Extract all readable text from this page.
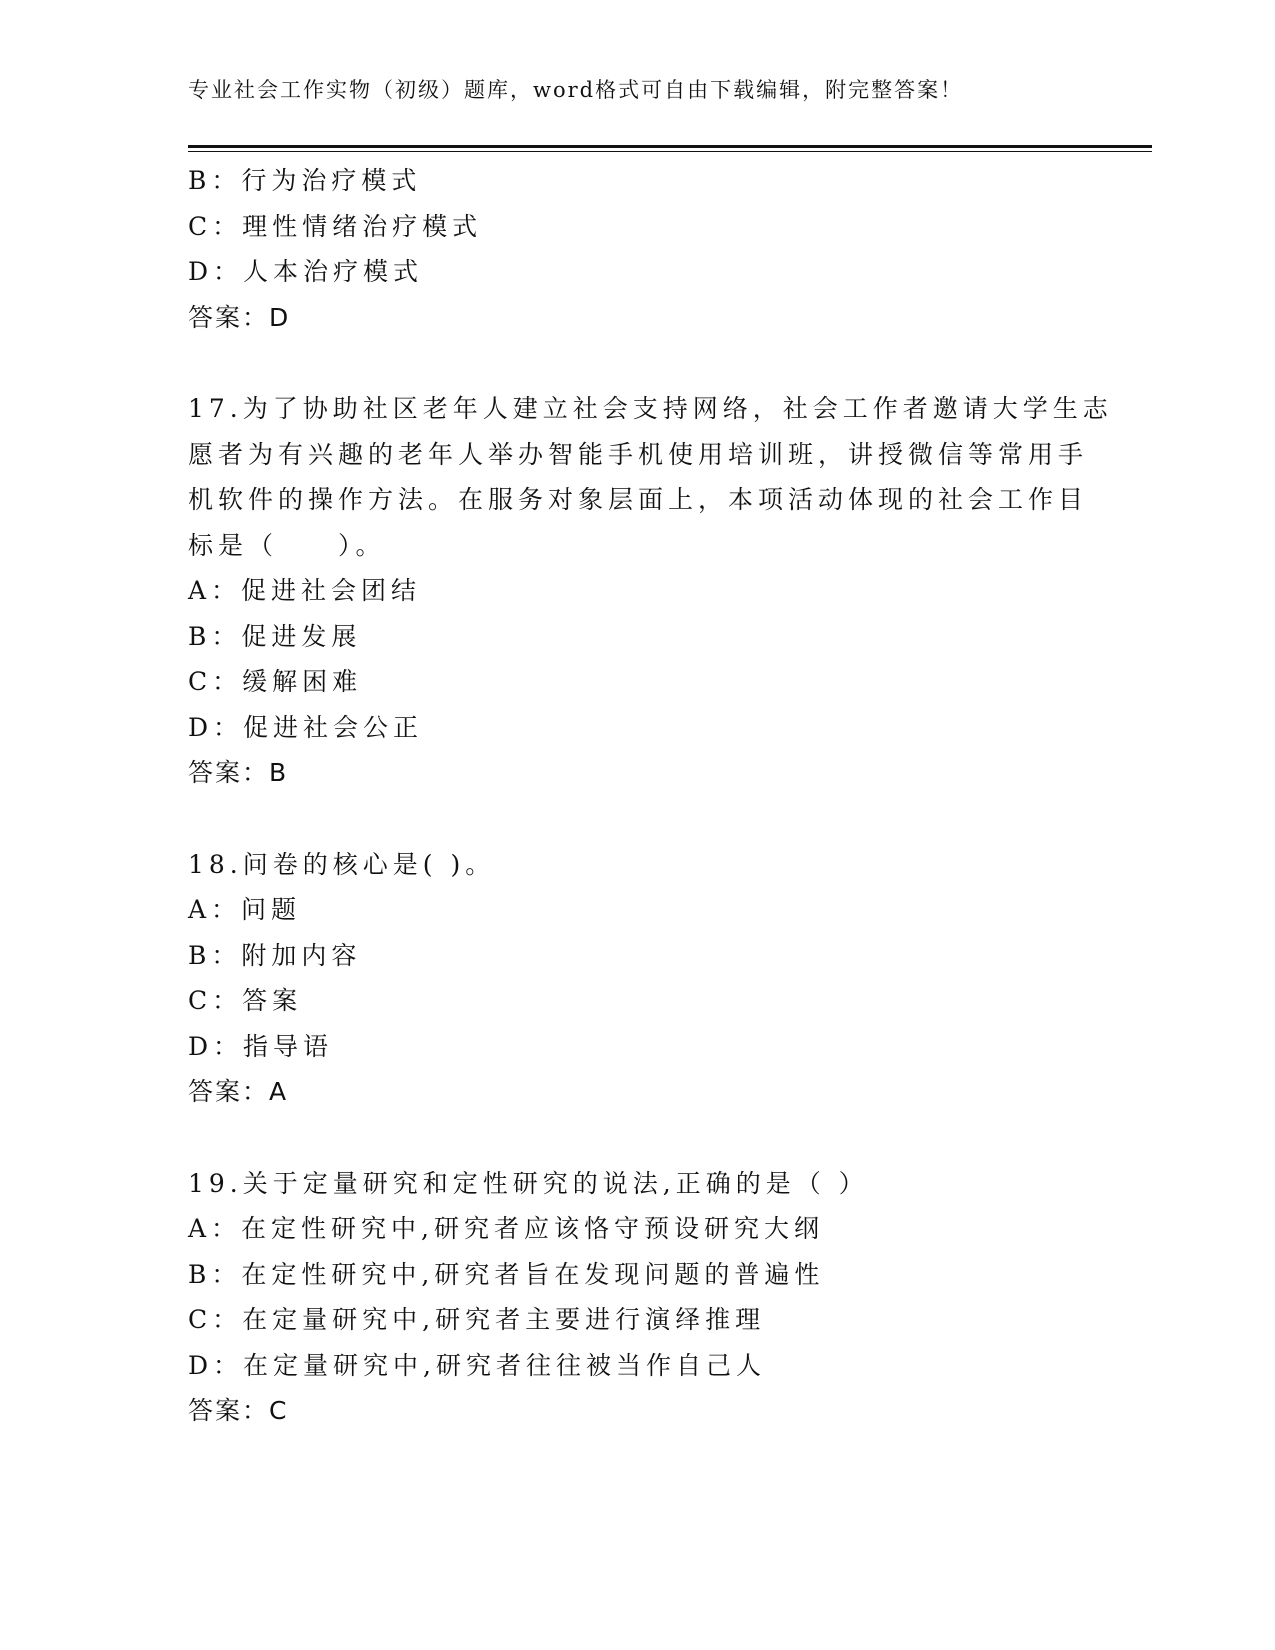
专业社会工作实物（初级）题库，word格式可自由下载编辑，附完整答案！
B：行为治疗模式
C：理性情绪治疗模式
D：人本治疗模式
答案：D
17.为了协助社区老年人建立社会支持网络，社会工作者邀请大学生志
愿者为有兴趣的老年人举办智能手机使用培训班，讲授微信等常用手
机软件的操作方法。在服务对象层面上，本项活动体现的社会工作目
标是（　　）。
A：促进社会团结
B：促进发展
C：缓解困难
D：促进社会公正
答案：B
18.问卷的核心是( )。
A：问题
B：附加内容
C：答案
D：指导语
答案：A
19.关于定量研究和定性研究的说法,正确的是（ ）
A：在定性研究中,研究者应该恪守预设研究大纲
B：在定性研究中,研究者旨在发现问题的普遍性
C：在定量研究中,研究者主要进行演绎推理
D：在定量研究中,研究者往往被当作自己人
答案：C
